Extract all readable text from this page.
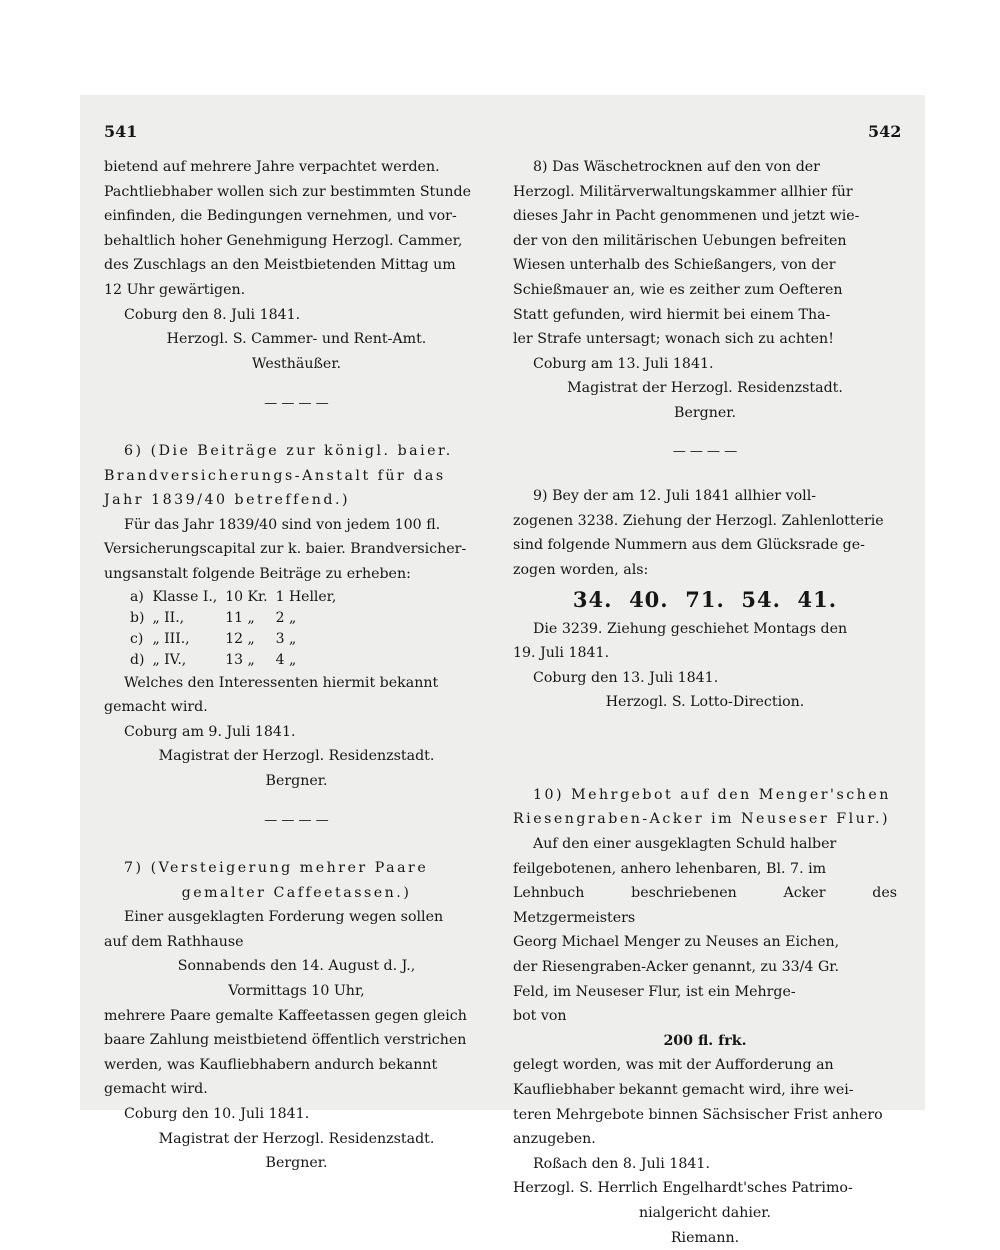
541	542

bietend auf mehrere Jahre verpachtet werden.

Pachtliebhaber wollen sich zur bestimmten Stunde

einfinden, die Bedingungen vernehmen, und vor-

behaltlich hoher Genehmigung Herzogl. Cammer,

des Zuschlags an den Meistbietenden Mittag um

12 Uhr gewärtigen.

Coburg den 8. Juli 1841.

Herzogl. S. Cammer- und Rent-Amt.

Westhäußer.

— — — —

6) (Die Beiträge zur königl. baier.

Brandversicherungs-Anstalt für das

Jahr 1839/40 betreffend.)

Für das Jahr 1839/40 sind von jedem 100 fl.

Versicherungscapital zur k. baier. Brandversicher-

ungsanstalt folgende Beiträge zu erheben:

a)	Klasse I.,	10 Kr.	1 Heller,
b)	„ II.,	11 „	2 „
c)	„ III.,	12 „	3 „
d)	„ IV.,	13 „	4 „

Welches den Interessenten hiermit bekannt

gemacht wird.

Coburg am 9. Juli 1841.

Magistrat der Herzogl. Residenzstadt.

Bergner.

— — — —

7) (Versteigerung mehrer Paare

gemalter Caffeetassen.)

Einer ausgeklagten Forderung wegen sollen

auf dem Rathhause

Sonnabends den 14. August d. J.,

Vormittags 10 Uhr,

mehrere Paare gemalte Kaffeetassen gegen gleich

baare Zahlung meistbietend öffentlich verstrichen

werden, was Kaufliebhabern andurch bekannt

gemacht wird.

Coburg den 10. Juli 1841.

Magistrat der Herzogl. Residenzstadt.

Bergner.

8) Das Wäschetrocknen auf den von der

Herzogl. Militärverwaltungskammer allhier für

dieses Jahr in Pacht genommenen und jetzt wie-

der von den militärischen Uebungen befreiten

Wiesen unterhalb des Schießangers, von der

Schießmauer an, wie es zeither zum Oefteren

Statt gefunden, wird hiermit bei einem Tha-

ler Strafe untersagt; wonach sich zu achten!

Coburg am 13. Juli 1841.

Magistrat der Herzogl. Residenzstadt.

Bergner.

— — — —

9) Bey der am 12. Juli 1841 allhier voll-

zogenen 3238. Ziehung der Herzogl. Zahlenlotterie

sind folgende Nummern aus dem Glücksrade ge-

zogen worden, als:

34.  40.  71.  54.  41.

Die 3239. Ziehung geschiehet Montags den

19. Juli 1841.

Coburg den 13. Juli 1841.

Herzogl. S. Lotto-Direction.

10) Mehrgebot auf den Menger'schen

Riesengraben-Acker im Neuseser Flur.)

Auf den einer ausgeklagten Schuld halber

feilgebotenen, anhero lehenbaren, Bl. 7. im

Lehnbuch beschriebenen Acker des Metzgermeisters

Georg Michael Menger zu Neuses an Eichen,

der Riesengraben-Acker genannt, zu 33/4 Gr.

Feld, im Neuseser Flur, ist ein Mehrge-

bot von

200 fl. frk.

gelegt worden, was mit der Aufforderung an

Kaufliebhaber bekannt gemacht wird, ihre wei-

teren Mehrgebote binnen Sächsischer Frist anhero

anzugeben.

Roßach den 8. Juli 1841.

Herzogl. S. Herrlich Engelhardt'sches Patrimo-

nialgericht dahier.

Riemann.
